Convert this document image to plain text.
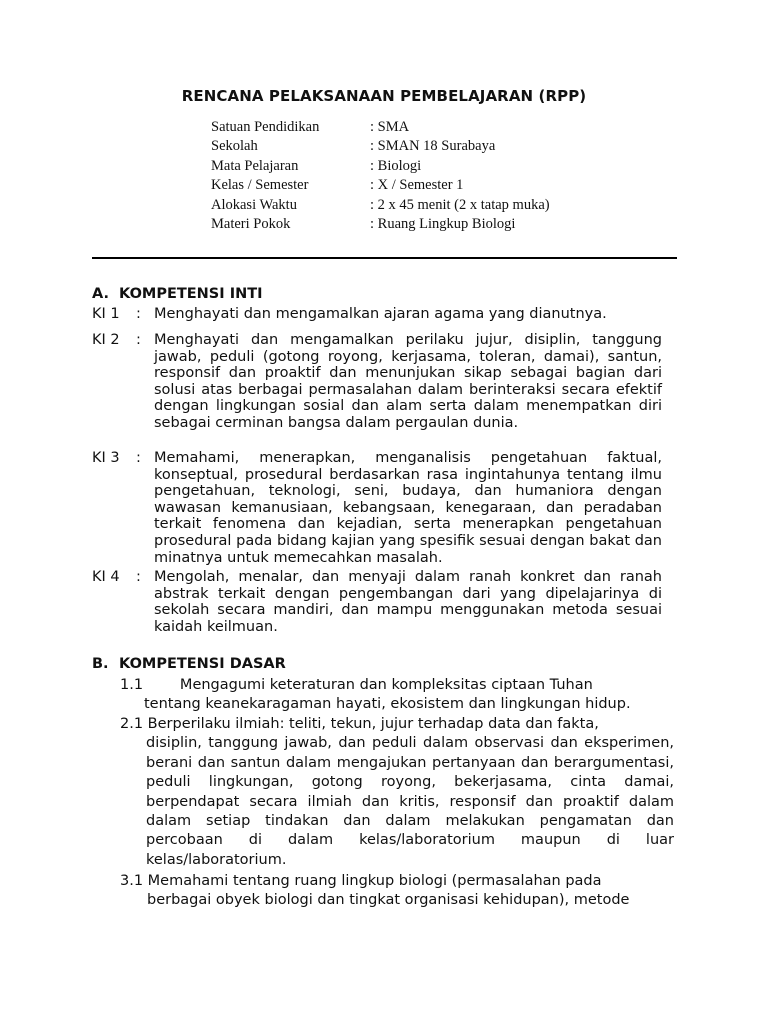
RENCANA PELAKSANAAN PEMBELAJARAN (RPP)
Satuan Pendidikan	: SMA
Sekolah	: SMAN 18 Surabaya
Mata Pelajaran	: Biologi
Kelas / Semester	: X / Semester 1
Alokasi Waktu	: 2 x 45 menit (2 x tatap muka)
Materi Pokok	: Ruang Lingkup Biologi
A. KOMPETENSI INTI
KI 1	: Menghayati dan mengamalkan ajaran agama yang dianutnya.
KI 2	: Menghayati dan mengamalkan perilaku jujur, disiplin, tanggung jawab, peduli (gotong royong, kerjasama, toleran, damai), santun, responsif dan proaktif dan menunjukan sikap sebagai bagian dari solusi atas berbagai permasalahan dalam berinteraksi secara efektif dengan lingkungan sosial dan alam serta dalam menempatkan diri sebagai cerminan bangsa dalam pergaulan dunia.
KI 3	: Memahami, menerapkan, menganalisis pengetahuan faktual, konseptual, prosedural berdasarkan rasa ingintahunya tentang ilmu pengetahuan, teknologi, seni, budaya, dan humaniora dengan wawasan kemanusiaan, kebangsaan, kenegaraan, dan peradaban terkait fenomena dan kejadian, serta menerapkan pengetahuan prosedural pada bidang kajian yang spesifik sesuai dengan bakat dan minatnya untuk memecahkan masalah.
KI 4	: Mengolah, menalar, dan menyaji dalam ranah konkret dan ranah abstrak terkait dengan pengembangan dari yang dipelajarinya di sekolah secara mandiri, dan mampu menggunakan metoda sesuai kaidah keilmuan.
B. KOMPETENSI DASAR
1.1        Mengagumi keteraturan dan kompleksitas ciptaan Tuhan
tentang keanekaragaman hayati, ekosistem dan lingkungan hidup.
2.1 Berperilaku ilmiah: teliti, tekun, jujur terhadap data dan fakta,
disiplin, tanggung jawab, dan peduli dalam observasi dan eksperimen, berani dan santun dalam mengajukan pertanyaan dan berargumentasi, peduli lingkungan, gotong royong, bekerjasama, cinta damai, berpendapat secara ilmiah dan kritis, responsif dan proaktif dalam dalam setiap tindakan dan dalam melakukan pengamatan dan percobaan di dalam kelas/laboratorium maupun di luar kelas/laboratorium.
3.1 Memahami tentang ruang lingkup biologi (permasalahan pada
berbagai obyek biologi dan tingkat organisasi kehidupan), metode
